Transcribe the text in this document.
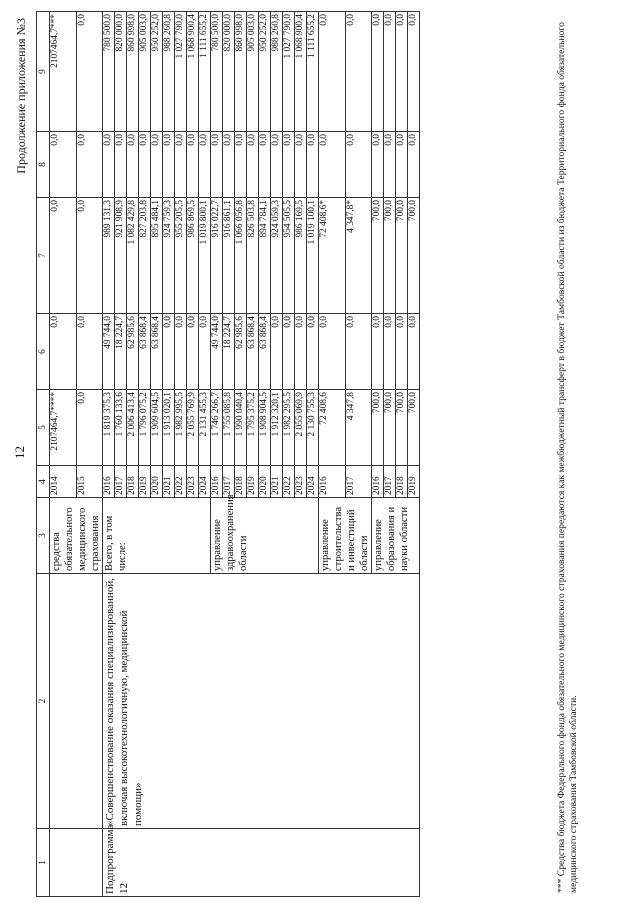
12
Продолжение приложения №3
1	2	3	4	5	6	7	8	9
		средства обязательного медицинского страхования	2014	2107464,7****	0,0	0,0	0,0	2107464,7***
			2015	0,0	0,0	0,0	0,0	0,0
Подпрограмма 12	«Совершенствование оказания специализированной, включая высокотехнологичную, медицинской помощи»	Всего, в том числе:	2016	1 819 375,3	49 744,0	989 131,3	0,0	780 500,0
			2017	1 760 133,6	18 224,7	921 908,9	0,0	820 000,0
			2018	2 006 413,4	62 985,6	1 082 429,8	0,0	860 998,0
			2019	1 796 075,2	63 868,4	827 203,8	0,0	905 003,0
			2020	1 909 604,5	63 868,4	895 484,1	0,0	950 252,0
			2021	1 913 020,1	0,0	924 759,3	0,0	988 260,8
			2022	1 982 995,5	0,0	955 205,5	0,0	1 027 790,0
			2023	2 055 769,9	0,0	986 869,5	0,0	1 068 900,4
			2024	2 131 455,3	0,0	1 019 800,1	0,0	1 111 655,2
		управление здравоохранения области	2016	1 746 266,7	49 744,0	916 022,7	0,0	780 500,0
			2017	1 755 085,8	18 224,7	916 861,1	0,0	820 000,0
			2018	1 990 040,4	62 985,6	1 066 056,8	0,0	860 998,0
			2019	1 795 375,2	63 868,4	826 503,8	0,0	905 003,0
			2020	1 908 904,5	63 868,4	894 784,1	0,0	950 252,0
			2021	1 912 320,1	0,0	924 059,3	0,0	988 260,8
			2022	1 982 295,5	0,0	954 505,5	0,0	1 027 790,0
			2023	2 055 069,9	0,0	986 169,5	0,0	1 068 900,4
			2024	2 130 755,3	0,0	1 019 100,1	0,0	1 111 655,2
		управление строительства и инвестиций области	2016	72 408,6	0,0	72 408,6*	0,0	0,0
			2017	4 347,8	0,0	4 347,8*	0,0	0,0
		управление образования и науки области	2016	700,0	0,0	700,0	0,0	0,0
			2017	700,0	0,0	700,0	0,0	0,0
			2018	700,0	0,0	700,0	0,0	0,0
			2019	700,0	0,0	700,0	0,0	0,0
*** Средства бюджета Федерального фонда обязательного медицинского страхования передаются как межбюджетный трансферт в бюджет Тамбовской области из бюджета Территориального фонда обязательного медицинского страхования Тамбовской области.
